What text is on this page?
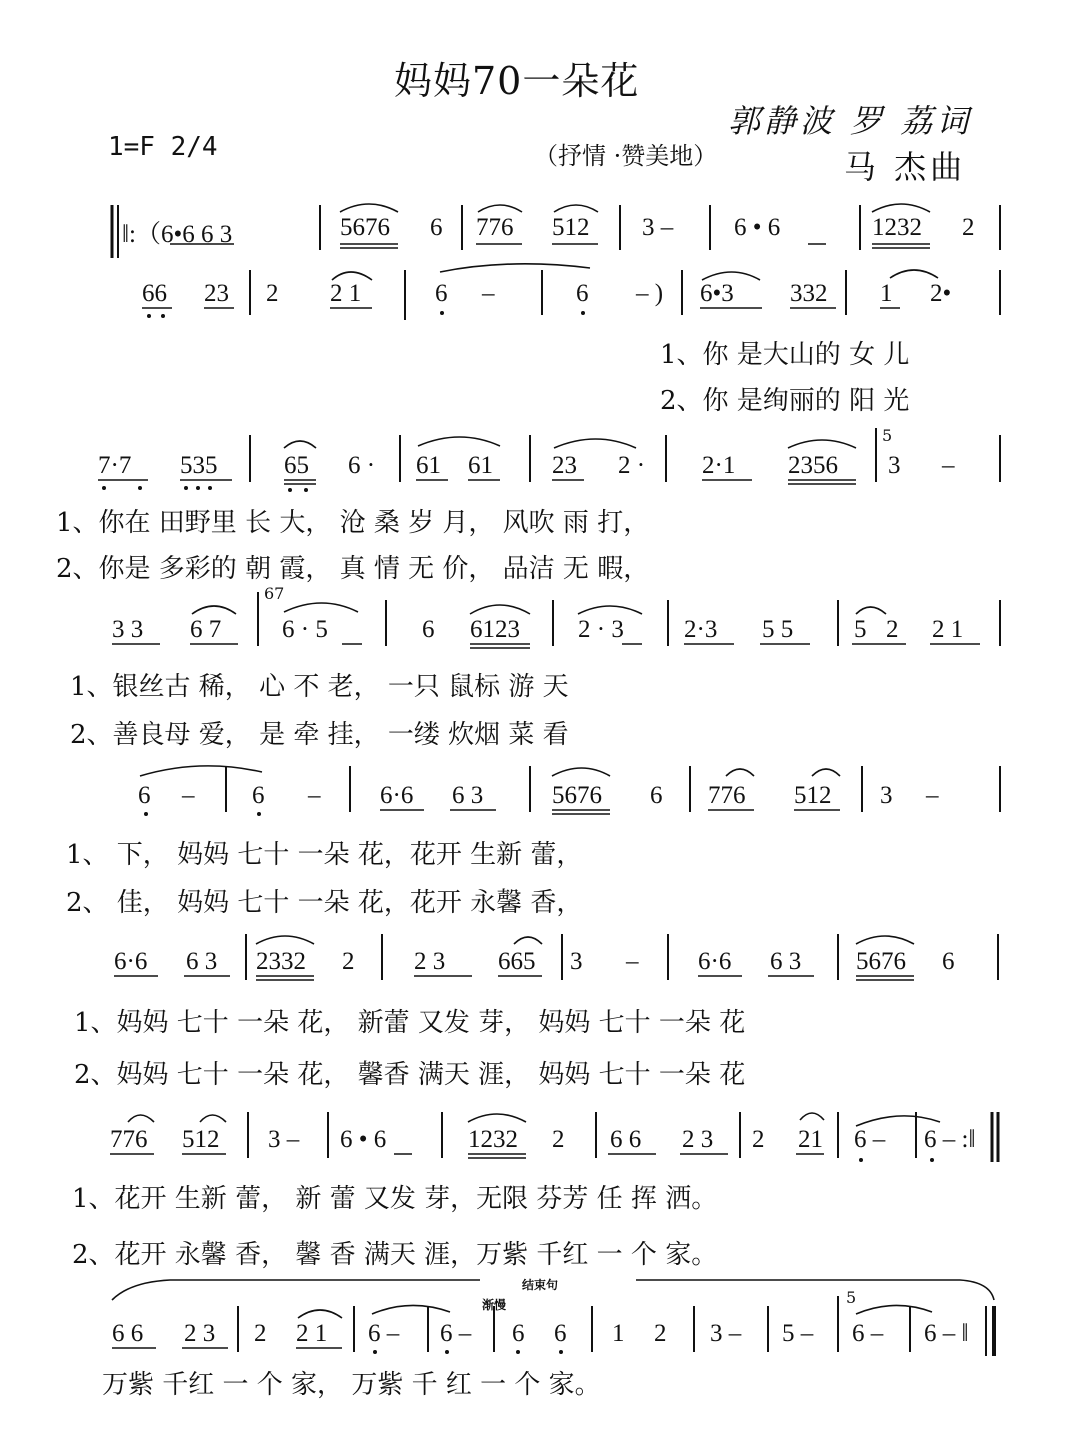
妈妈70一朵花
郭静波 罗 荔词
1=F 2/4	（抒情 ·赞美地）	马 杰曲
‖:（6•6 6 3	5676 6 776 512 3 – 6 • 6	1232 2
66 23 2 2 1	6 –	6 – ) 6•3 332 1 2•
1、你 是大山的 女 儿
2、你 是绚丽的 阳 光
7·7 535	65 6 · 61 61 23 2 · 2·1 2356 3 –
5
1、你在 田野里 长 大， 沧 桑 岁 月， 风吹 雨 打，
2、你是 多彩的 朝 霞， 真 情 无 价， 品洁 无 暇，
3 3 6 7 6 · 5	6 6123 2 · 3 2·3 5 5 5 2 2 1
67
1、银丝古 稀， 心 不 老， 一只 鼠标 游 天
2、善良母 爱， 是 牵 挂， 一缕 炊烟 菜 看
6 – 6 – 6·6 6 3	5676 6 776 512 3 –
1、 下， 妈妈 七十 一朵 花，花开 生新 蕾，
2、 佳， 妈妈 七十 一朵 花，花开 永馨 香，
6·6 6 3 2332 2 2 3 665 3 – 6·6 6 3 5676 6
1、妈妈 七十 一朵 花， 新蕾 又发 芽， 妈妈 七十 一朵 花
2、妈妈 七十 一朵 花， 馨香 满天 涯， 妈妈 七十 一朵 花
776 512 3 – 6 • 6	1232 2 6 6 2 3 2 21 6 – 6 – :‖
1、花开 生新 蕾， 新 蕾 又发 芽，无限 芬芳 任 挥 洒。
2、花开 永馨 香， 馨 香 满天 涯，万紫 千红 一 个 家。
结束句
渐慢	5
6 6 2 3 2 2 1 6 – 6 – 6 6 1 2 3 – 5 – 6 – 6 – ‖
万紫 千红 一 个 家， 万紫 千 红 一 个 家。
